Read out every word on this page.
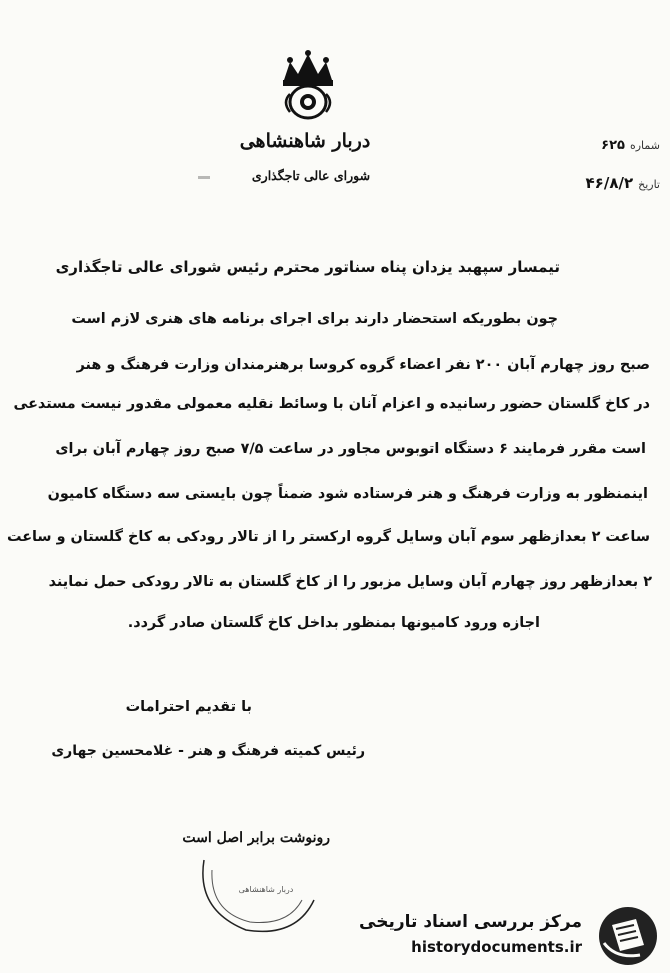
دربار شاهنشاهی
شورای عالی تاجگذاری
شماره۶۲۵
تاریخ۴۶/۸/۲
تیمسار سپهبد یزدان پناه سناتور محترم رئیس شورای عالی تاجگذاری
چون بطوریکه استحضار دارند برای اجرای برنامه های هنری لازم است
صبح روز چهارم آبان ۲۰۰ نفر اعضاء گروه کروسا برهنرمندان وزارت فرهنگ و هنر
در کاخ گلستان حضور رسانیده و اعزام آنان با وسائط نقلیه معمولی مقدور نیست مستدعی
است مقرر فرمایند ۶ دستگاه اتوبوس مجاور در ساعت ۷/۵ صبح روز چهارم آبان برای
اینمنظور به وزارت فرهنگ و هنر فرستاده شود ضمناً چون بایستی سه دستگاه کامیون
ساعت ۲ بعدازظهر سوم آبان وسایل گروه ارکستر را از تالار رودکی به کاخ گلستان و ساعت
۲ بعدازظهر روز چهارم آبان وسایل مزبور را از کاخ گلستان به تالار رودکی حمل نمایند
اجازه ورود کامیونها بمنظور بداخل کاخ گلستان صادر گردد.
با تقدیم احترامات
رئیس کمیته فرهنگ و هنر - غلامحسین جهاری
دربار شاهنشاهی
رونوشت برابر اصل است
مرکز بررسی اسناد تاریخی
historydocuments.ir
